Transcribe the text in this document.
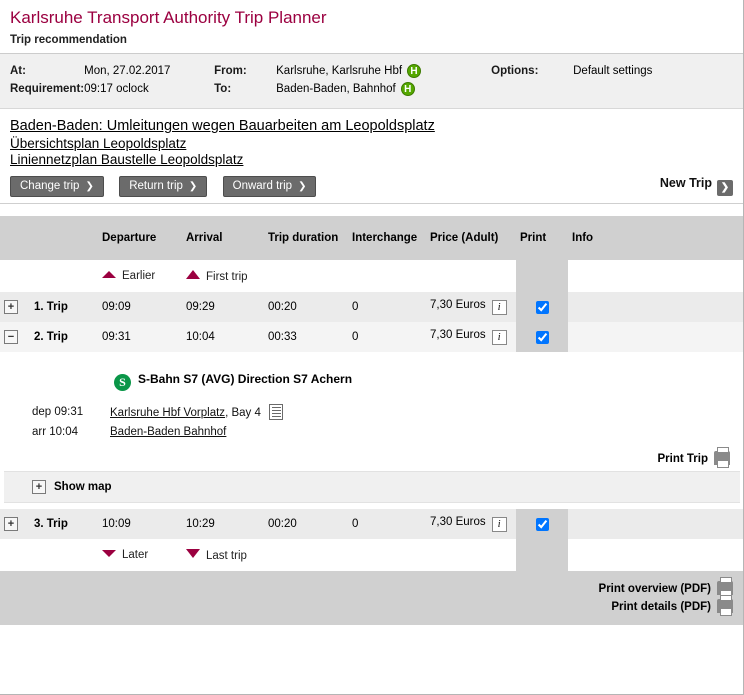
Karlsruhe Transport Authority Trip Planner
Trip recommendation
At:	Mon, 27.02.2017	From:	Karlsruhe, Karlsruhe Hbf H	Options:	Default settings
Requirement:	09:17 oclock	To:	Baden-Baden, Bahnhof H		
Baden-Baden: Umleitungen wegen Bauarbeiten am Leopoldsplatz
Übersichtsplan Leopoldsplatz
Liniennetzplan Baustelle Leopoldsplatz
Change trip ❯	Return trip ❯	Onward trip ❯	New Trip ❯
		Departure	Arrival	Trip duration	Interchange	Price (Adult)	Print	Info
		Earlier	First trip		
+	1. Trip	09:09	09:29	00:20	0	7,30 Euros i		
−	2. Trip	09:31	10:04	00:33	0	7,30 Euros i		

S S-Bahn S7 (AVG) Direction S7 Achern
dep 09:31	Karlsruhe Hbf Vorplatz, Bay 4
arr 10:04	Baden-Baden Bahnhof
Print Trip
+ Show map

+	3. Trip	10:09	10:29	00:20	0	7,30 Euros i		
		Later	Last trip		
Print overview (PDF)
Print details (PDF)
